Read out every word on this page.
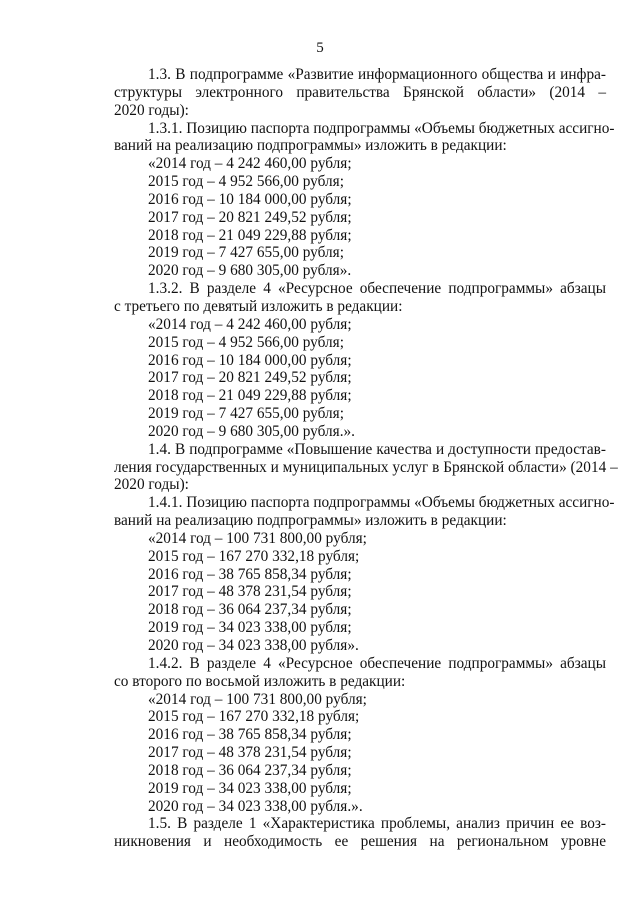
5
1.3. В подпрограмме «Развитие информационного общества и инфра-
структуры электронного правительства Брянской области» (2014 –
2020 годы):
1.3.1. Позицию паспорта подпрограммы «Объемы бюджетных ассигно-
ваний на реализацию подпрограммы» изложить в редакции:
«2014 год – 4 242 460,00 рубля;
2015 год – 4 952 566,00 рубля;
2016 год – 10 184 000,00 рубля;
2017 год – 20 821 249,52 рубля;
2018 год – 21 049 229,88 рубля;
2019 год – 7 427 655,00 рубля;
2020 год – 9 680 305,00 рубля».
1.3.2. В разделе 4 «Ресурсное обеспечение подпрограммы» абзацы
с третьего по девятый изложить в редакции:
«2014 год – 4 242 460,00 рубля;
2015 год – 4 952 566,00 рубля;
2016 год – 10 184 000,00 рубля;
2017 год – 20 821 249,52 рубля;
2018 год – 21 049 229,88 рубля;
2019 год – 7 427 655,00 рубля;
2020 год – 9 680 305,00 рубля.».
1.4. В подпрограмме «Повышение качества и доступности предостав-
ления государственных и муниципальных услуг в Брянской области» (2014 –
2020 годы):
1.4.1. Позицию паспорта подпрограммы «Объемы бюджетных ассигно-
ваний на реализацию подпрограммы» изложить в редакции:
«2014 год – 100 731 800,00 рубля;
2015 год – 167 270 332,18 рубля;
2016 год – 38 765 858,34 рубля;
2017 год – 48 378 231,54 рубля;
2018 год – 36 064 237,34 рубля;
2019 год – 34 023 338,00 рубля;
2020 год – 34 023 338,00 рубля».
1.4.2. В разделе 4 «Ресурсное обеспечение подпрограммы» абзацы
со второго по восьмой изложить в редакции:
«2014 год – 100 731 800,00 рубля;
2015 год – 167 270 332,18 рубля;
2016 год – 38 765 858,34 рубля;
2017 год – 48 378 231,54 рубля;
2018 год – 36 064 237,34 рубля;
2019 год – 34 023 338,00 рубля;
2020 год – 34 023 338,00 рубля.».
1.5. В разделе 1 «Характеристика проблемы, анализ причин ее воз-
никновения и необходимость ее решения на региональном уровне
